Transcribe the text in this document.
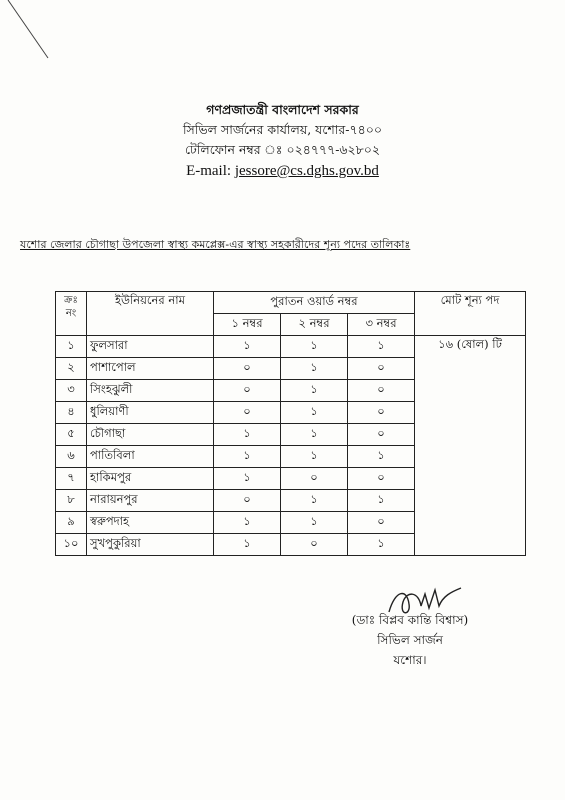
গণপ্রজাতন্ত্রী বাংলাদেশ সরকার
সিভিল সার্জনের কার্যালয়, যশোর-৭৪০০
টেলিফোন নম্বর ঃ ০২৪৭৭৭-৬২৮০২
E-mail: jessore@cs.dghs.gov.bd
যশোর জেলার চৌগাছা উপজেলা স্বাস্থ্য কমপ্লেক্স-এর স্বাস্থ্য সহকারীদের শূন্য পদের তালিকাঃ
ক্রঃ নং	ইউনিয়নের নাম	পুরাতন ওয়ার্ড নম্বর			মোট শূন্য পদ
		১ নম্বর	২ নম্বর	৩ নম্বর	
১	ফুলসারা	১	১	১	১৬ (ষোল) টি
২	পাশাপোল	০	১	০	
৩	সিংহঝুলী	০	১	০	
৪	ধুলিয়াণী	০	১	০	
৫	চৌগাছা	১	১	০	
৬	পাতিবিলা	১	১	১	
৭	হাকিমপুর	১	০	০	
৮	নারায়নপুর	০	১	১	
৯	স্বরুপদাহ	১	১	০	
১০	সুখপুকুরিয়া	১	০	১	
(ডাঃ বিপ্লব কান্তি বিশ্বাস)
সিভিল সার্জন
যশোর।
